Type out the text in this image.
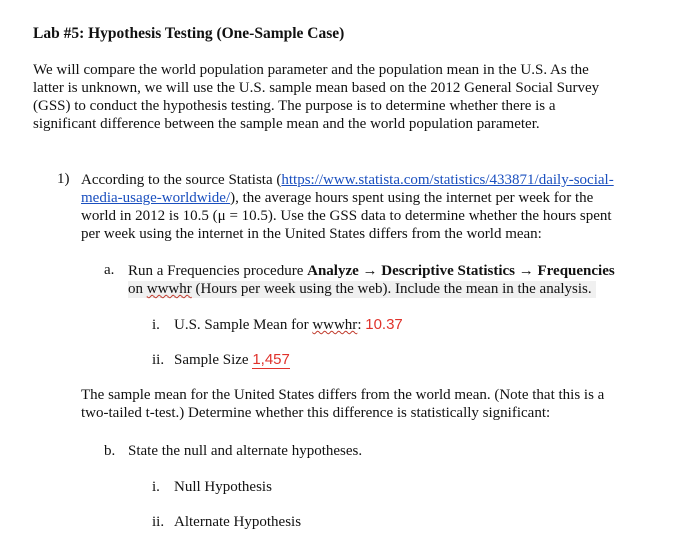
Lab #5: Hypothesis Testing (One-Sample Case)
We will compare the world population parameter and the population mean in the U.S. As the
latter is unknown, we will use the U.S. sample mean based on the 2012 General Social Survey
(GSS) to conduct the hypothesis testing. The purpose is to determine whether there is a
significant difference between the sample mean and the world population parameter.
1) According to the source Statista (https://www.statista.com/statistics/433871/daily-social-
media-usage-worldwide/), the average hours spent using the internet per week for the
world in 2012 is 10.5 (μ = 10.5). Use the GSS data to determine whether the hours spent
per week using the internet in the United States differs from the world mean:
a. Run a Frequencies procedure Analyze → Descriptive Statistics → Frequencies
on wwwhr (Hours per week using the web). Include the mean in the analysis.
i. U.S. Sample Mean for wwwhr: 10.37
ii. Sample Size 1,457
The sample mean for the United States differs from the world mean. (Note that this is a
two-tailed t-test.) Determine whether this difference is statistically significant:
b. State the null and alternate hypotheses.
i. Null Hypothesis
ii. Alternate Hypothesis
